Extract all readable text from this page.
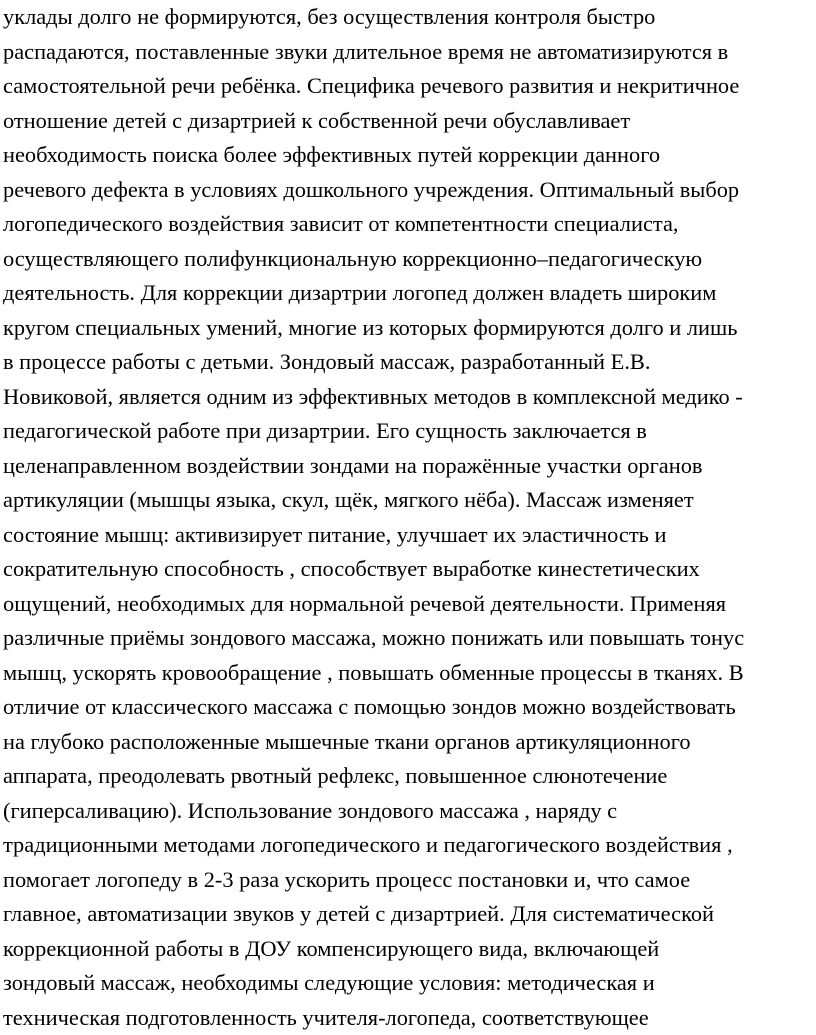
уклады долго не формируются, без осуществления контроля быстро
распадаются, поставленные звуки длительное время не автоматизируются в
самостоятельной речи ребёнка. Специфика речевого развития и некритичное
отношение детей с дизартрией к собственной речи обуславливает
необходимость поиска более эффективных путей коррекции данного
речевого дефекта в условиях дошкольного учреждения. Оптимальный выбор
логопедического воздействия зависит от компетентности специалиста,
осуществляющего полифункциональную коррекционно–педагогическую
деятельность. Для коррекции дизартрии логопед должен владеть широким
кругом специальных умений, многие из которых формируются долго и лишь
в процессе работы с детьми. Зондовый массаж, разработанный Е.В.
Новиковой, является одним из эффективных методов в комплексной медико -
педагогической работе при дизартрии. Его сущность заключается в
целенаправленном воздействии зондами на поражённые участки органов
артикуляции (мышцы языка, скул, щёк, мягкого нёба). Массаж изменяет
состояние мышц: активизирует питание, улучшает их эластичность и
сократительную способность , способствует выработке кинестетических
ощущений, необходимых для нормальной речевой деятельности. Применяя
различные приёмы зондового массажа, можно понижать или повышать тонус
мышц, ускорять кровообращение , повышать обменные процессы в тканях. В
отличие от классического массажа с помощью зондов можно воздействовать
на глубоко расположенные мышечные ткани органов артикуляционного
аппарата, преодолевать рвотный рефлекс, повышенное слюнотечение
(гиперсаливацию). Использование зондового массажа , наряду с
традиционными методами логопедического и педагогического воздействия ,
помогает логопеду в 2-3 раза ускорить процесс постановки и, что самое
главное, автоматизации звуков у детей с дизартрией. Для систематической
коррекционной работы в ДОУ компенсирующего вида, включающей
зондовый массаж, необходимы следующие условия: методическая и
техническая подготовленность учителя-логопеда, соответствующее
